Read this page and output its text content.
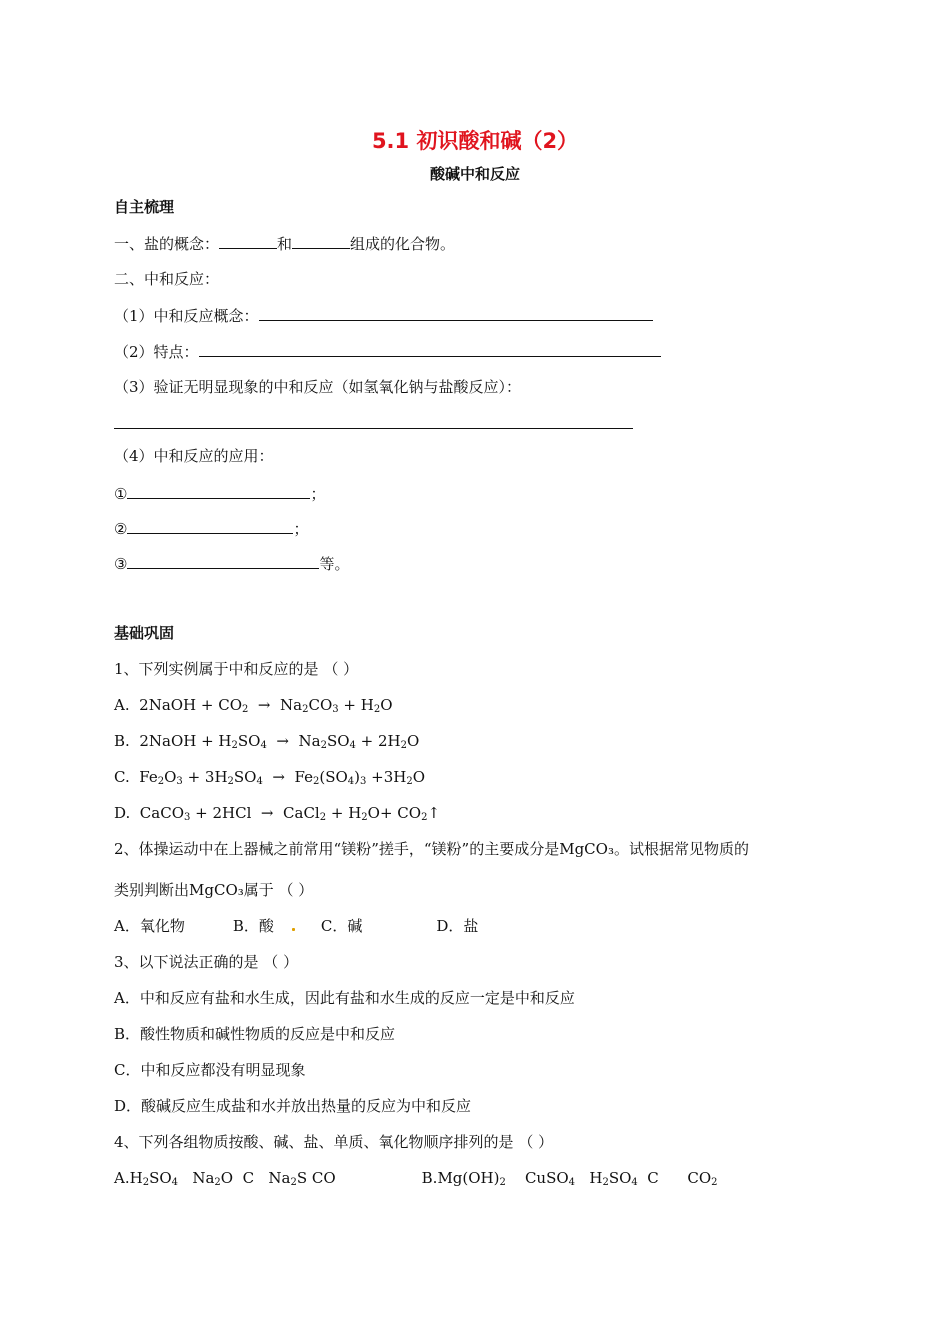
5.1 初识酸和碱（2）
酸碱中和反应
自主梳理
一、盐的概念：	和	组成的化合物。
二、中和反应：
（1）中和反应概念：
（2）特点：
（3）验证无明显现象的中和反应（如氢氧化钠与盐酸反应）：
（4）中和反应的应用：
①	；
②	；
③	等。
基础巩固
1、下列实例属于中和反应的是 （ ）
A.  2NaOH + $CO_2 \to Na_2CO_3 + H_2O$
B.  2NaOH + $H_2SO_4 \to Na_2SO_4 + 2H_2O$
C.  $Fe_2O_3 + 3H_2SO_4 \to Fe_2(SO_4)_3 +3H_2O$
D.  CaCO$_3$ + 2HCl  →  CaCl$_2$ + $H_2O+$ $CO_2↑$
2、体操运动中在上器械之前常用“镁粉”搓手，“镁粉”的主要成分是MgCO₃。试根据常见物质的
类别判断出MgCO₃属于 （ ）
A．氧化物	B．酸	C．碱	D．盐
3、以下说法正确的是 （ ）
A．中和反应有盐和水生成，因此有盐和水生成的反应一定是中和反应
B．酸性物质和碱性物质的反应是中和反应
C．中和反应都没有明显现象
D．酸碱反应生成盐和水并放出热量的反应为中和反应
4、下列各组物质按酸、碱、盐、单质、氧化物顺序排列的是 （ ）
$A.H_2SO_4$   $Na_2O$  C   $Na_2S$ CO	$B.Mg(OH)_2$    CuSO$_4$   $H_2SO_4$  C      $CO_2$
